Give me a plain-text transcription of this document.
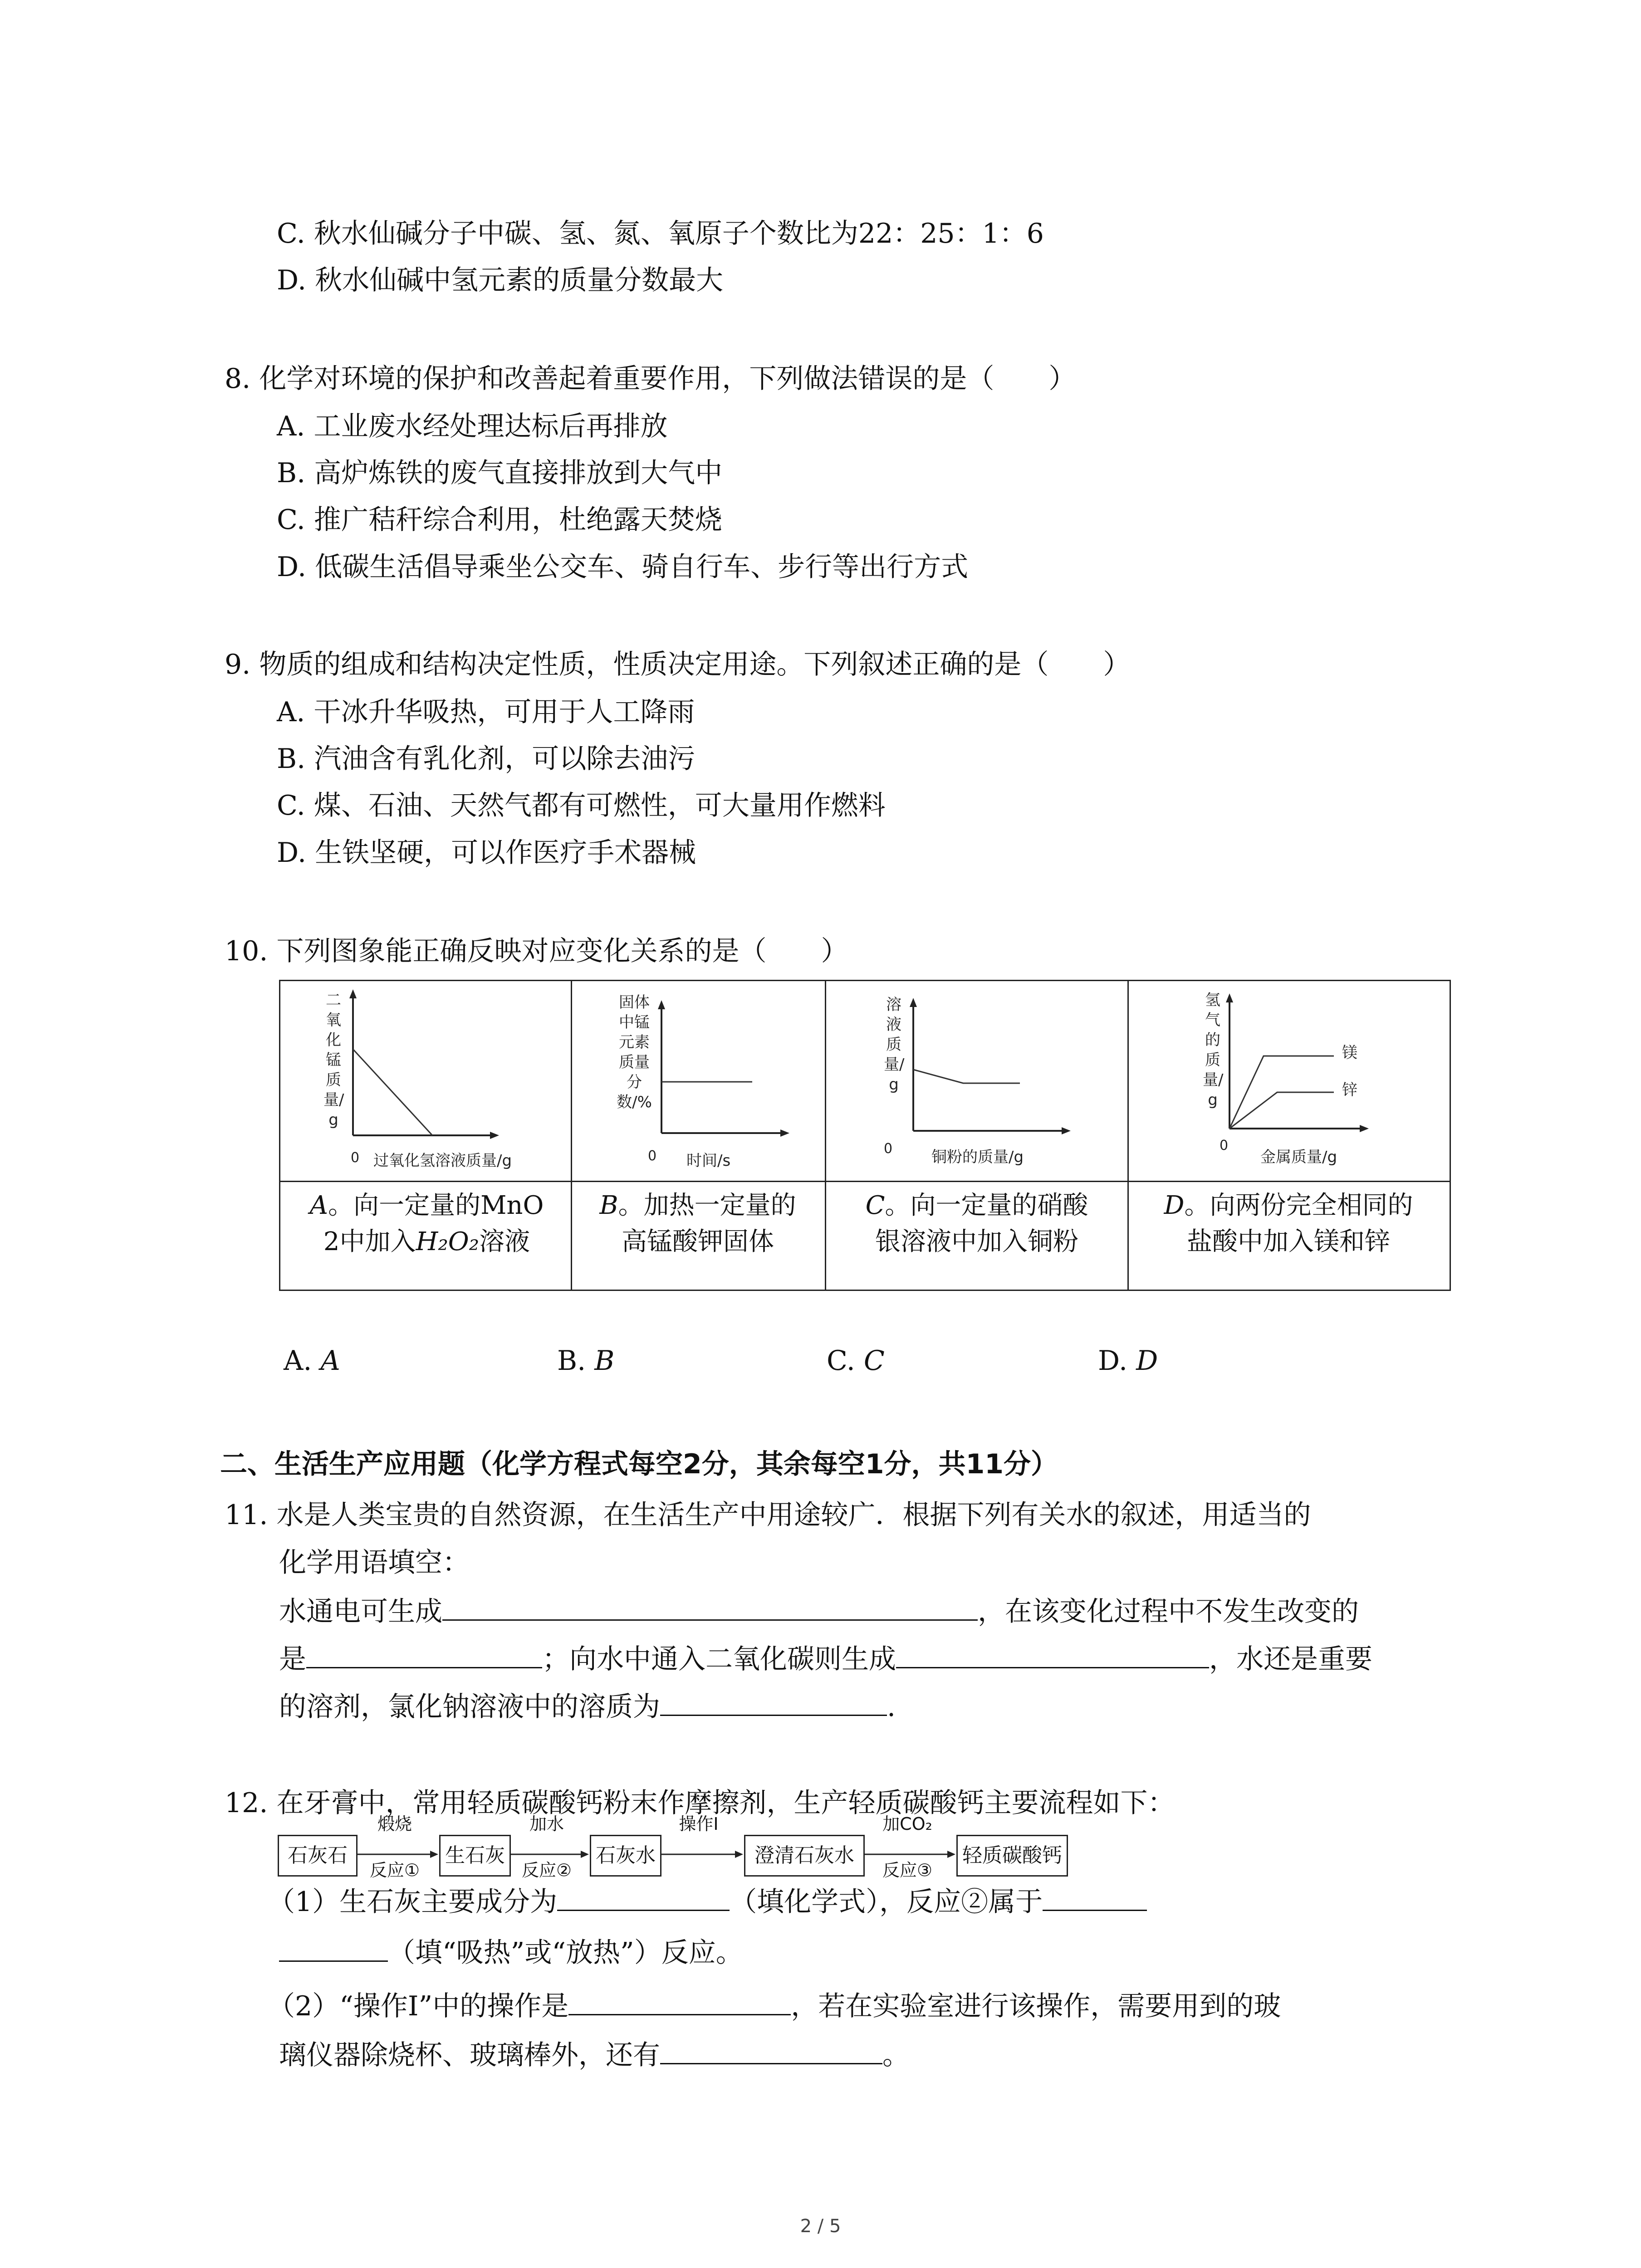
C. 秋水仙碱分子中碳、氢、氮、氧原子个数比为22：25：1：6
D. 秋水仙碱中氢元素的质量分数最大
8. 化学对环境的保护和改善起着重要作用，下列做法错误的是（　　）
A. 工业废水经处理达标后再排放
B. 高炉炼铁的废气直接排放到大气中
C. 推广秸秆综合利用，杜绝露天焚烧
D. 低碳生活倡导乘坐公交车、骑自行车、步行等出行方式
9. 物质的组成和结构决定性质，性质决定用途。下列叙述正确的是（　　）
A. 干冰升华吸热，可用于人工降雨
B. 汽油含有乳化剂，可以除去油污
C. 煤、石油、天然气都有可燃性，可大量用作燃料
D. 生铁坚硬，可以作医疗手术器械
10. 下列图象能正确反映对应变化关系的是（　　）
二氧化锰质量/g
0 过氧化氢溶液质量/g
固体中锰元素质量分数/%
0 时间/s
溶液质量/g
0	铜粉的质量/g
氢气的质量/g
镁
锌
0
金属质量/g
A。向一定量的MnO
2中加入H₂O₂溶液
B。加热一定量的
高锰酸钾固体
C。向一定量的硝酸
银溶液中加入铜粉
D。向两份完全相同的
盐酸中加入镁和锌
A. A	B. B	C. C	D. D
二、生活生产应用题（化学方程式每空2分，其余每空1分，共11分）
11. 水是人类宝贵的自然资源，在生活生产中用途较广．根据下列有关水的叙述，用适当的
化学用语填空：
水通电可生成	，在该变化过程中不发生改变的
是	；向水中通入二氧化碳则生成	，水还是重要
的溶剂，氯化钠溶液中的溶质为	.
12. 在牙膏中，常用轻质碳酸钙粉末作摩擦剂，生产轻质碳酸钙主要流程如下：
石灰石	生石灰	石灰水	澄清石灰水	轻质碳酸钙
煅烧
反应①
加水
反应②
操作Ⅰ	加CO₂
反应③
（1）生石灰主要成分为	（填化学式），反应②属于
（填“吸热”或“放热”）反应。
（2）“操作Ⅰ”中的操作是	，若在实验室进行该操作，需要用到的玻
璃仪器除烧杯、玻璃棒外，还有	。
2 / 5
